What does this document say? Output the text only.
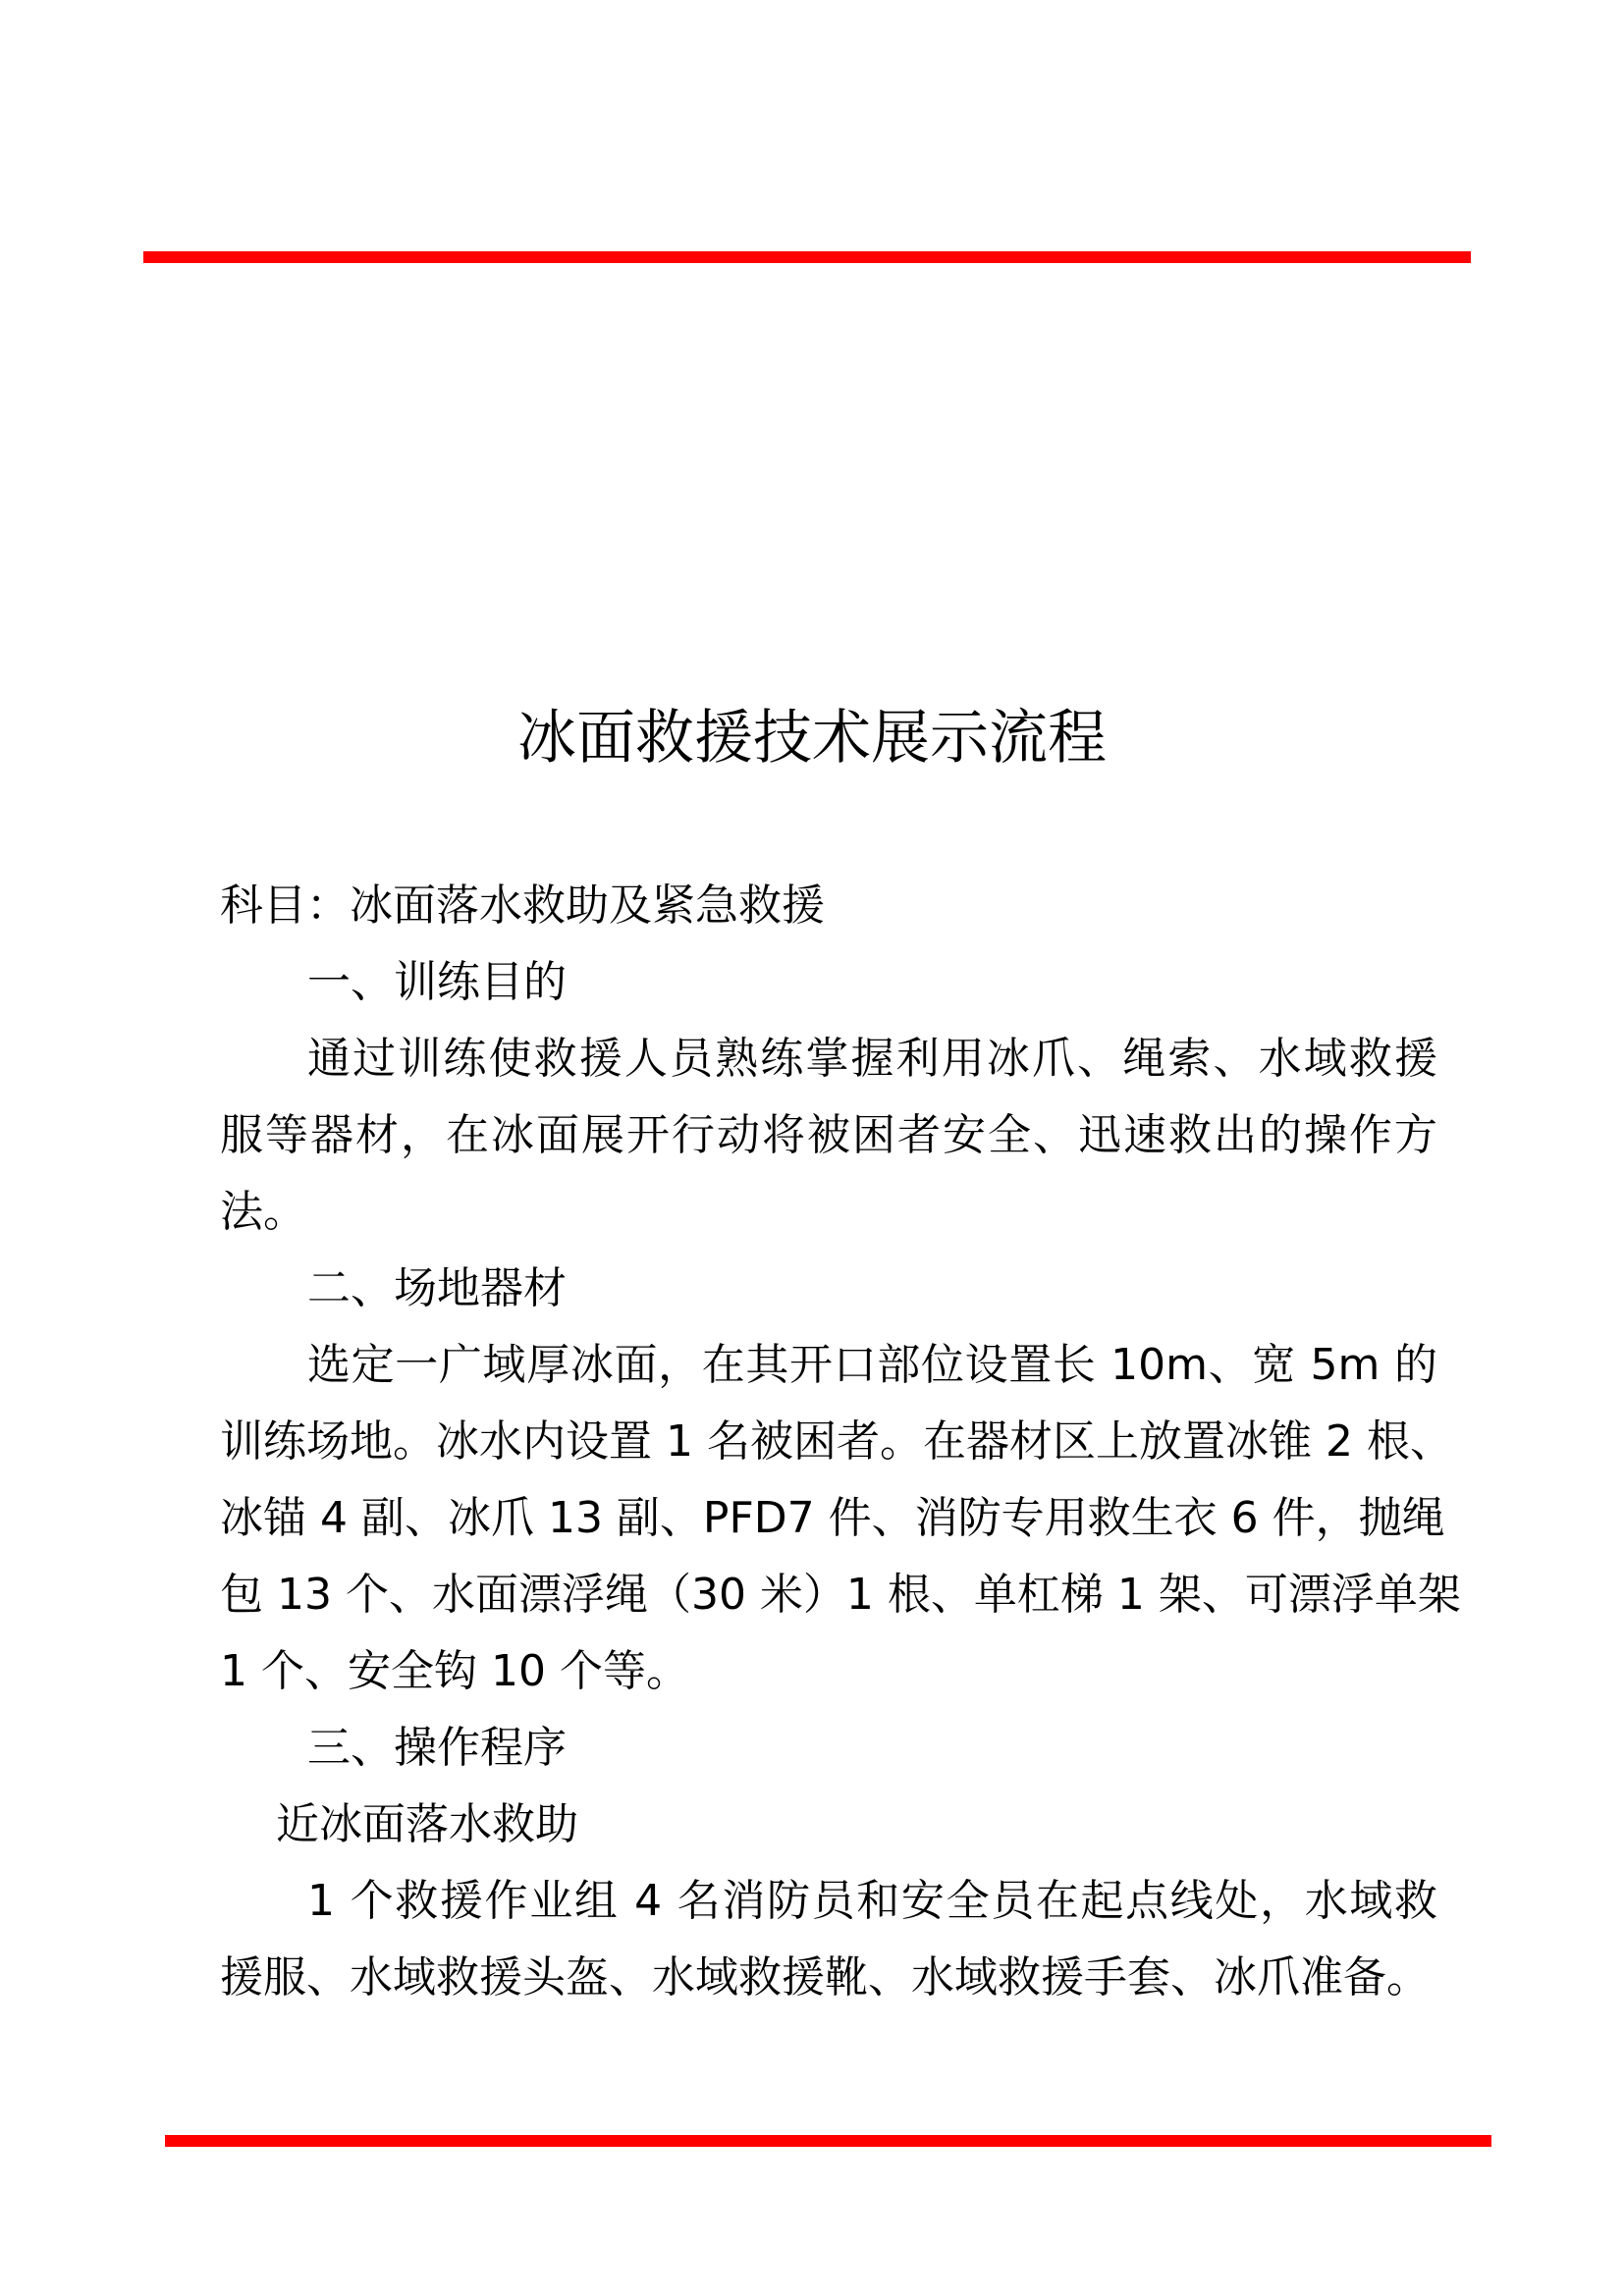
冰面救援技术展示流程
科目：冰面落水救助及紧急救援
一、训练目的
通过训练使救援人员熟练掌握利用冰爪、绳索、水域救援
服等器材，在冰面展开行动将被困者安全、迅速救出的操作方
法。
二、场地器材
选定一广域厚冰面，在其开口部位设置长 10m、宽 5m 的
训练场地。冰水内设置 1 名被困者。在器材区上放置冰锥 2 根、
冰锚 4 副、冰爪 13 副、PFD7 件、消防专用救生衣 6 件，抛绳
包 13 个、水面漂浮绳（30 米）1 根、单杠梯 1 架、可漂浮单架
1 个、安全钩 10 个等。
三、操作程序
近冰面落水救助
1 个救援作业组 4 名消防员和安全员在起点线处，水域救
援服、水域救援头盔、水域救援靴、水域救援手套、冰爪准备。
